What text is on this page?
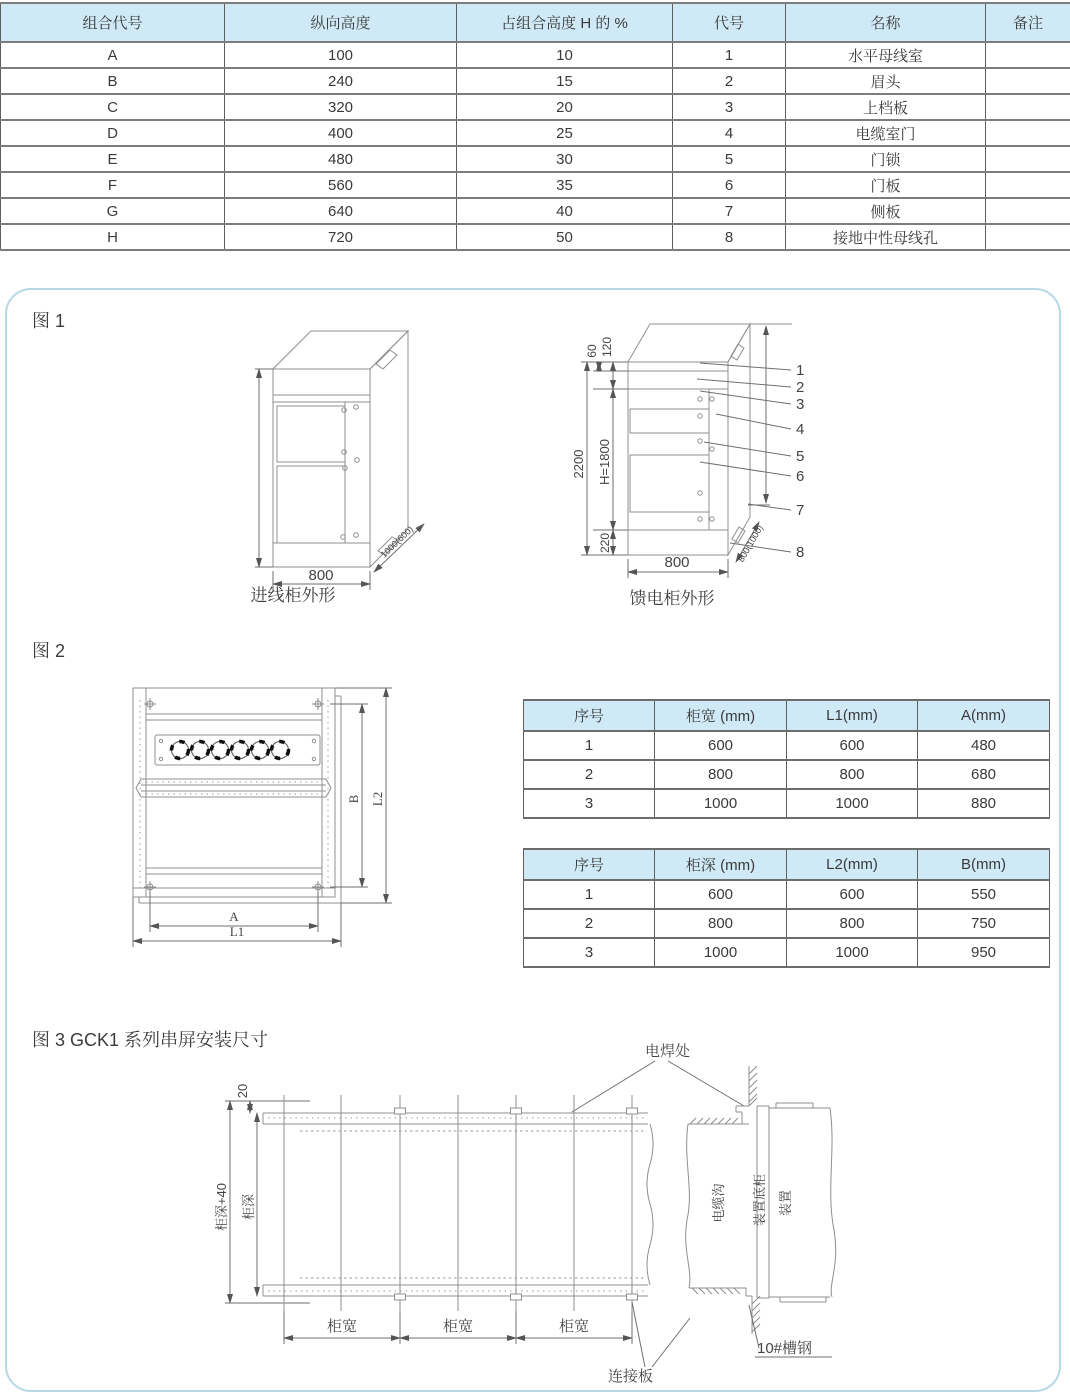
组合代号	纵向高度	占组合高度 H 的 %	代号	名称	备注
A	100	10	1	水平母线室	
B	240	15	2	眉头	
C	320	20	3	上档板	
D	400	25	4	电缆室门	
E	480	30	5	门锁	
F	560	35	6	门板	
G	640	40	7	侧板	
H	720	50	8	接地中性母线孔	
图 1
800
1000(600)
进线柜外形
2200
60 120
H=1800
220
800	800(1000)
1
2
3
4
5
6
7
8
馈电柜外形
图 2
B L2
A
L1
图 3 GCK1 系列串屏安装尺寸
20
柜深+40 柜深
柜宽	柜宽	柜宽
电焊处
电缆沟 装置底柜 装置
10#槽钢
连接板
序号	柜宽 (mm)	L1(mm)	A(mm)
1	600	600	480
2	800	800	680
3	1000	1000	880
序号	柜深 (mm)	L2(mm)	B(mm)
1	600	600	550
2	800	800	750
3	1000	1000	950
